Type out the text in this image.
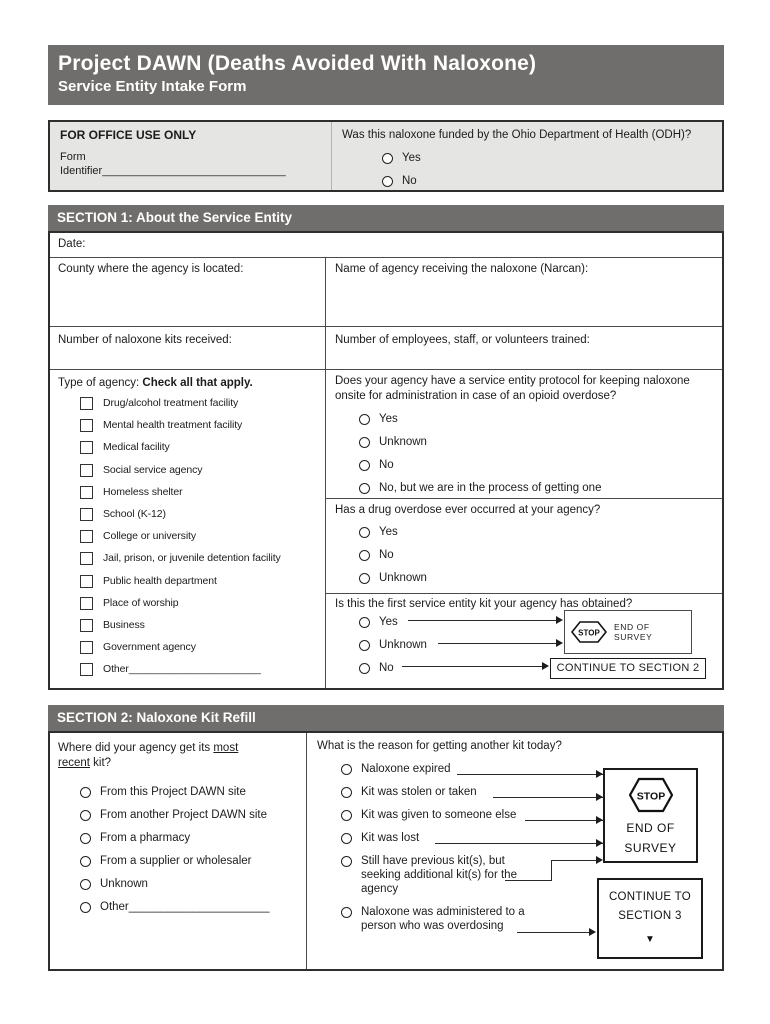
Project DAWN (Deaths Avoided With Naloxone)
Service Entity Intake Form
FOR OFFICE USE ONLY
Form
Identifier______________________________
Was this naloxone funded by the Ohio Department of Health (ODH)?
Yes
No
SECTION 1: About the Service Entity
Date:
County where the agency is located:	Name of agency receiving the naloxone (Narcan):
Number of naloxone kits received:	Number of employees, staff, or volunteers trained:
Type of agency: Check all that apply.
Drug/alcohol treatment facility
Mental health treatment facility
Medical facility
Social service agency
Homeless shelter
School (K-12)
College or university
Jail, prison, or juvenile detention facility
Public health department
Place of worship
Business
Government agency
Other_______________________
Does your agency have a service entity protocol for keeping naloxone onsite for administration in case of an opioid overdose?
Yes
Unknown
No
No, but we are in the process of getting one
Has a drug overdose ever occurred at your agency?
Yes
No
Unknown
Is this the first service entity kit your agency has obtained?
Yes
Unknown
No
STOP
END OF SURVEY
CONTINUE TO SECTION 2
SECTION 2: Naloxone Kit Refill
Where did your agency get its most
recent kit?
From this Project DAWN site
From another Project DAWN site
From a pharmacy
From a supplier or wholesaler
Unknown
Other______________________
What is the reason for getting another kit today?
Naloxone expired
Kit was stolen or taken
Kit was given to someone else
Kit was lost
Still have previous kit(s), but seeking additional kit(s) for the agency
Naloxone was administered to a person who was overdosing
STOP
END OF
SURVEY
CONTINUE TO
SECTION 3
▼
